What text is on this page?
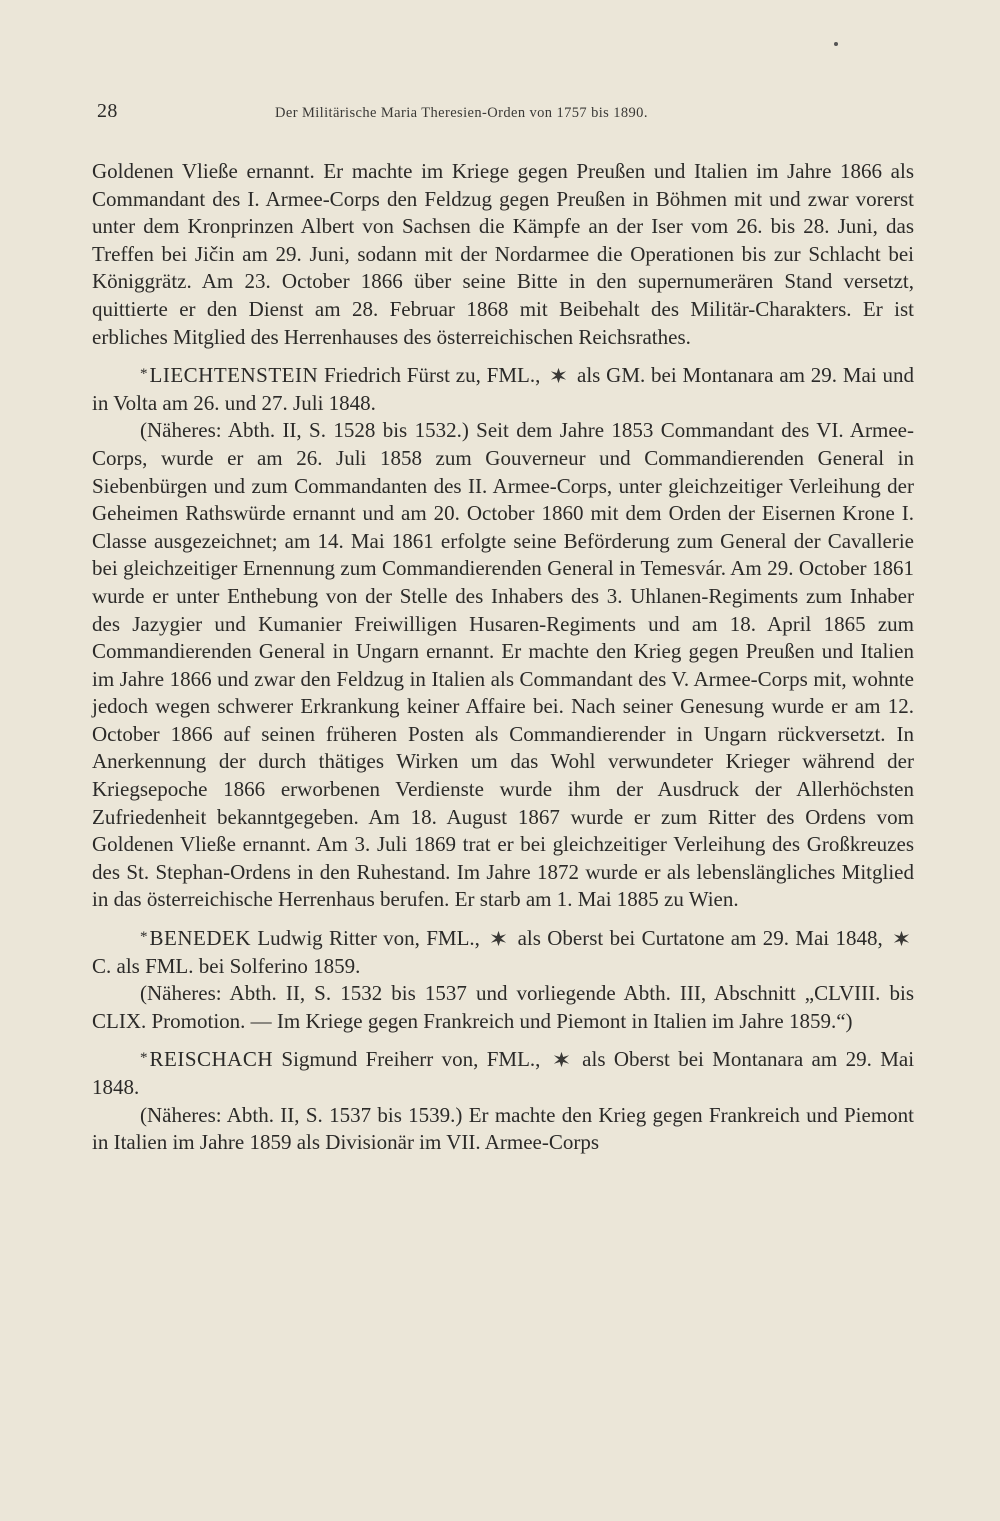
28	Der Militärische Maria Theresien-Orden von 1757 bis 1890.

Goldenen Vließe ernannt. Er machte im Kriege gegen Preußen und Italien im Jahre 1866 als Commandant des I. Armee-Corps den Feldzug gegen Preußen in Böhmen mit und zwar vorerst unter dem Kronprinzen Albert von Sachsen die Kämpfe an der Iser vom 26. bis 28. Juni, das Treffen bei Jičin am 29. Juni, sodann mit der Nordarmee die Operationen bis zur Schlacht bei Königgrätz. Am 23. October 1866 über seine Bitte in den supernumerären Stand versetzt, quittierte er den Dienst am 28. Februar 1868 mit Beibehalt des Militär-Charakters. Er ist erbliches Mitglied des Herrenhauses des österreichischen Reichsrathes.

*LIECHTENSTEIN Friedrich Fürst zu, FML., als GM. bei Montanara am 29. Mai und in Volta am 26. und 27. Juli 1848.

(Näheres: Abth. II, S. 1528 bis 1532.) Seit dem Jahre 1853 Commandant des VI. Armee-Corps, wurde er am 26. Juli 1858 zum Gouverneur und Commandierenden General in Siebenbürgen und zum Commandanten des II. Armee-Corps, unter gleichzeitiger Verleihung der Geheimen Rathswürde ernannt und am 20. October 1860 mit dem Orden der Eisernen Krone I. Classe ausgezeichnet; am 14. Mai 1861 erfolgte seine Beförderung zum General der Cavallerie bei gleichzeitiger Ernennung zum Commandierenden General in Temesvár. Am 29. October 1861 wurde er unter Enthebung von der Stelle des Inhabers des 3. Uhlanen-Regiments zum Inhaber des Jazygier und Kumanier Freiwilligen Husaren-Regiments und am 18. April 1865 zum Commandierenden General in Ungarn ernannt. Er machte den Krieg gegen Preußen und Italien im Jahre 1866 und zwar den Feldzug in Italien als Commandant des V. Armee-Corps mit, wohnte jedoch wegen schwerer Erkrankung keiner Affaire bei. Nach seiner Genesung wurde er am 12. October 1866 auf seinen früheren Posten als Commandierender in Ungarn rückversetzt. In Anerkennung der durch thätiges Wirken um das Wohl verwundeter Krieger während der Kriegsepoche 1866 erworbenen Verdienste wurde ihm der Ausdruck der Allerhöchsten Zufriedenheit bekanntgegeben. Am 18. August 1867 wurde er zum Ritter des Ordens vom Goldenen Vließe ernannt. Am 3. Juli 1869 trat er bei gleichzeitiger Verleihung des Großkreuzes des St. Stephan-Ordens in den Ruhestand. Im Jahre 1872 wurde er als lebenslängliches Mitglied in das österreichische Herrenhaus berufen. Er starb am 1. Mai 1885 zu Wien.

*BENEDEK Ludwig Ritter von, FML., als Oberst bei Curtatone am 29. Mai 1848, C. als FML. bei Solferino 1859.

(Näheres: Abth. II, S. 1532 bis 1537 und vorliegende Abth. III, Abschnitt „CLVIII. bis CLIX. Promotion. — Im Kriege gegen Frankreich und Piemont in Italien im Jahre 1859.“)

*REISCHACH Sigmund Freiherr von, FML., als Oberst bei Montanara am 29. Mai 1848.

(Näheres: Abth. II, S. 1537 bis 1539.) Er machte den Krieg gegen Frankreich und Piemont in Italien im Jahre 1859 als Divisionär im VII. Armee-Corps
